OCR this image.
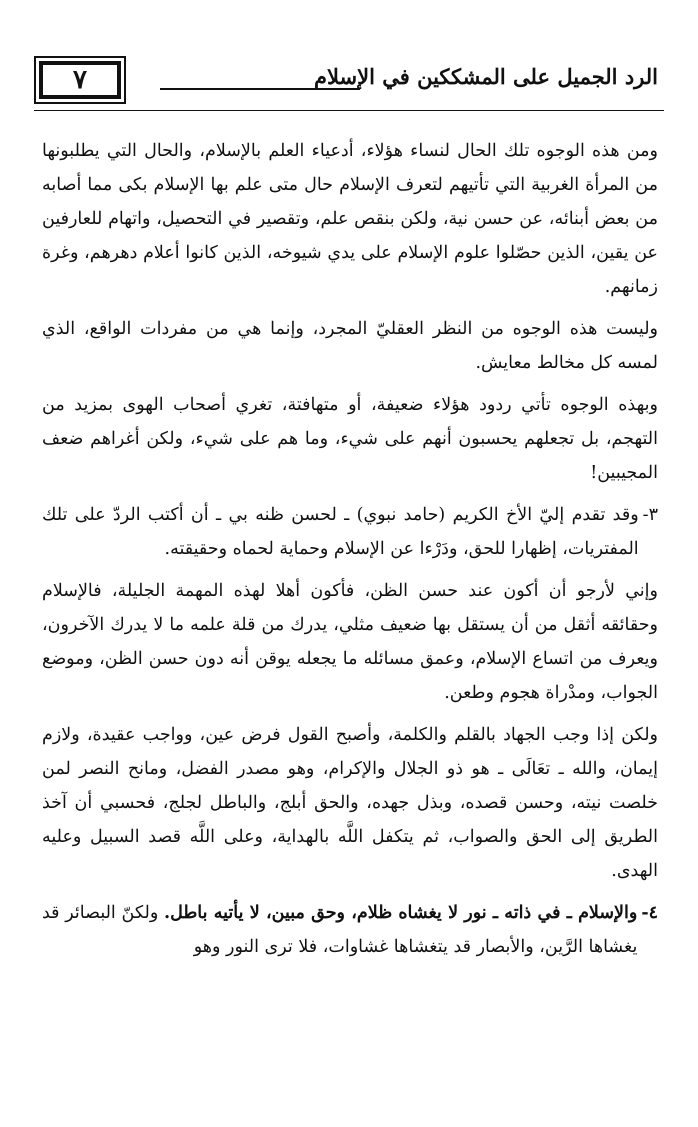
٧	الرد الجميل على المشككين في الإسلام

ومن هذه الوجوه تلك الحال لنساء هؤلاء، أدعياء العلم بالإسلام، والحال التي يطلبونها من المرأة الغربية التي تأتيهم لتعرف الإسلام حال متى علم بها الإسلام بكى مما أصابه من بعض أبنائه، عن حسن نية، ولكن بنقص علم، وتقصير في التحصيل، واتهام للعارفين عن يقين، الذين حصّلوا علوم الإسلام على يدي شيوخه، الذين كانوا أعلام دهرهم، وغرة زمانهم.

وليست هذه الوجوه من النظر العقليّ المجرد، وإنما هي من مفردات الواقع، الذي لمسه كل مخالط معايش.

وبهذه الوجوه تأتي ردود هؤلاء ضعيفة، أو متهافتة، تغري أصحاب الهوى بمزيد من التهجم، بل تجعلهم يحسبون أنهم على شيء، وما هم على شيء، ولكن أغراهم ضعف المجيبين!

٣-
وقد تقدم إليّ الأخ الكريم (حامد نبوي) ـ لحسن ظنه بي ـ أن أكتب الردّ على تلك المفتريات، إظهارا للحق، ودَرْءا عن الإسلام وحماية لحماه وحقيقته.

وإني لأرجو أن أكون عند حسن الظن، فأكون أهلا لهذه المهمة الجليلة، فالإسلام وحقائقه أثقل من أن يستقل بها ضعيف مثلي، يدرك من قلة علمه ما لا يدرك الآخرون، ويعرف من اتساع الإسلام، وعمق مسائله ما يجعله يوقن أنه دون حسن الظن، وموضع الجواب، ومدْراة هجوم وطعن.

ولكن إذا وجب الجهاد بالقلم والكلمة، وأصبح القول فرض عين، وواجب عقيدة، ولازم إيمان، والله ـ تعَالَى ـ هو ذو الجلال والإكرام، وهو مصدر الفضل، ومانح النصر لمن خلصت نيته، وحسن قصده، وبذل جهده، والحق أبلج، والباطل لجلج، فحسبي أن آخذ الطريق إلى الحق والصواب، ثم يتكفل اللَّه بالهداية، وعلى اللَّه قصد السبيل وعليه الهدى.

٤-
والإسلام ـ في ذاته ـ نور لا يغشاه ظلام، وحق مبين، لا يأتيه باطل. ولكنّ البصائر قد يغشاها الرَّين، والأبصار قد يتغشاها غشاوات، فلا ترى النور وهو
